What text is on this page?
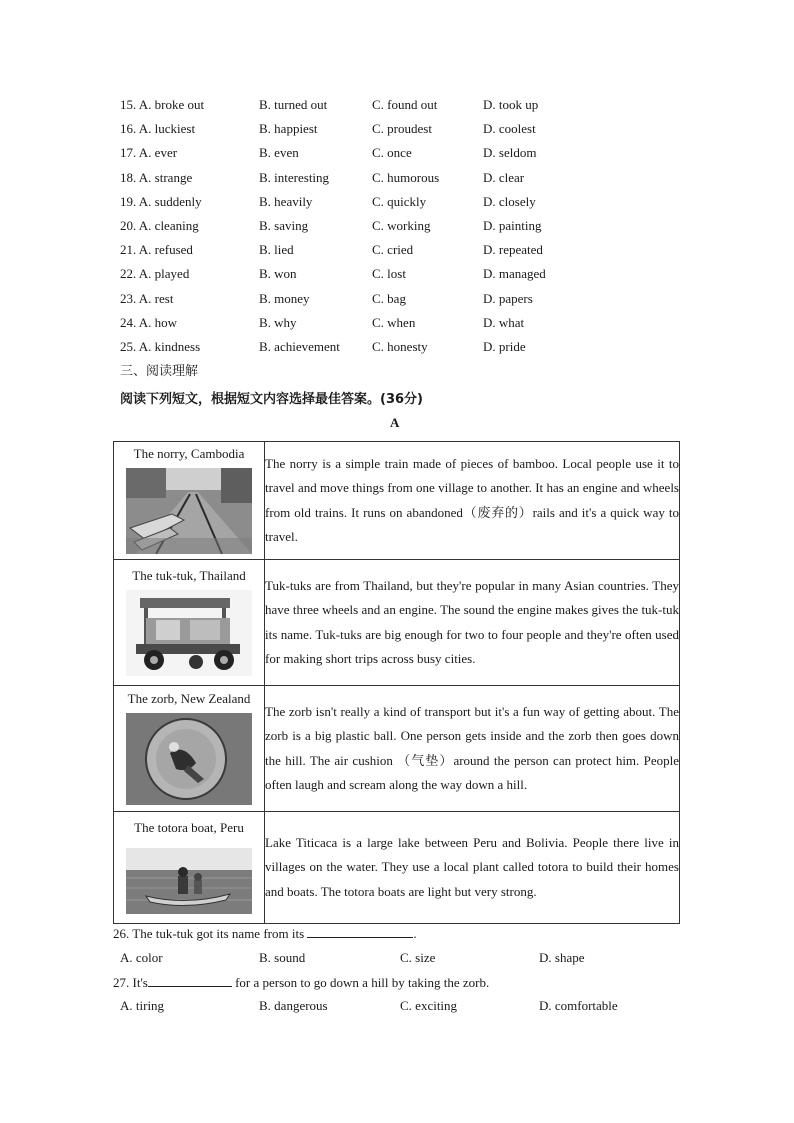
15. A. broke out	B. turned out	C. found out	D. took up
16. A. luckiest	B. happiest	C. proudest	D. coolest
17. A. ever	B. even	C. once	D. seldom
18. A. strange	B. interesting	C. humorous	D. clear
19. A. suddenly	B. heavily	C. quickly	D. closely
20. A. cleaning	B. saving	C. working	D. painting
21. A. refused	B. lied	C. cried	D. repeated
22. A. played	B. won	C. lost	D. managed
23. A. rest	B. money	C. bag	D. papers
24. A. how	B. why	C. when	D. what
25. A. kindness	B. achievement C. honesty	D. pride
三、阅读理解
阅读下列短文，根据短文内容选择最佳答案。(36分)
A
The norry, Cambodia	The norry is a simple train made of pieces of bamboo. Local people use it to travel and move things from one village to another. It has an engine and wheels from old trains. It runs on abandoned（废弃的）rails and it's a quick way to travel.

The tuk-tuk, Thailand	Tuk-tuks are from Thailand, but they're popular in many Asian countries. They have three wheels and an engine. The sound the engine makes gives the tuk-tuk its name. Tuk-tuks are big enough for two to four people and they're often used for making short trips across busy cities.

The zorb, New Zealand	The zorb isn't really a kind of transport but it's a fun way of getting about. The zorb is a big plastic ball. One person gets inside and the zorb then goes down the hill. The air cushion （气垫）around the person can protect him. People often laugh and scream along the way down a hill.

The totora boat, Peru	Lake Titicaca is a large lake between Peru and Bolivia. People there live in villages on the water. They use a local plant called totora to build their homes and boats. The totora boats are light but very strong.
26. The tuk-tuk got its name from its	.
A. color	B. sound	C. size	D. shape
27. It's	for a person to go down a hill by taking the zorb.
A. tiring	B. dangerous	C. exciting	D. comfortable
